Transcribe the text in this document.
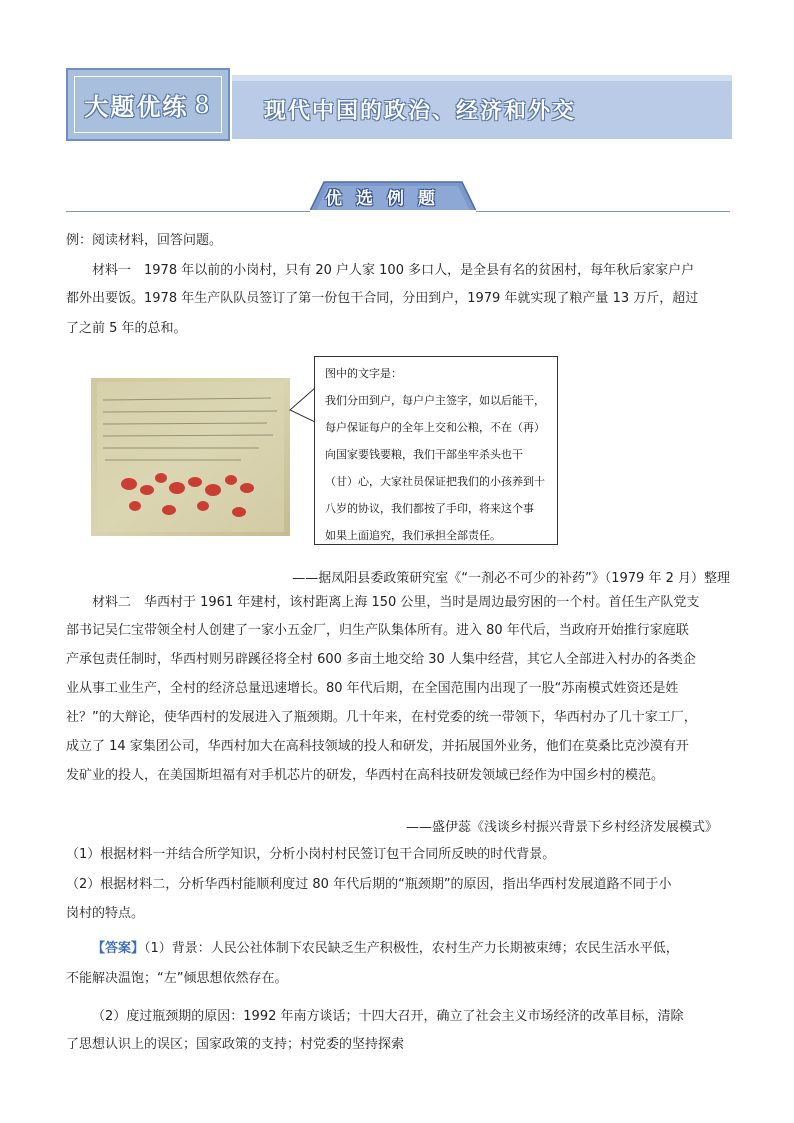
大题优练 8 现代中国的政治、经济和外交
优选例题
例：阅读材料，回答问题。
材料一　1978 年以前的小岗村，只有 20 户人家 100 多口人，是全县有名的贫困村，每年秋后家家户户
都外出要饭。1978 年生产队队员签订了第一份包干合同，分田到户，1979 年就实现了粮产量 13 万斤，超过
了之前 5 年的总和。
图中的文字是：
我们分田到户，每户户主签字，如以后能干，
每户保证每户的全年上交和公粮，不在（再）
向国家要钱要粮，我们干部坐牢杀头也干
（甘）心，大家社员保证把我们的小孩养到十
八岁的协议，我们都按了手印，将来这个事
如果上面追究，我们承担全部责任。
——据凤阳县委政策研究室《“一剂必不可少的补药”》（1979 年 2 月）整理
材料二　华西村于 1961 年建村，该村距离上海 150 公里，当时是周边最穷困的一个村。首任生产队党支
部书记吴仁宝带领全村人创建了一家小五金厂，归生产队集体所有。进入 80 年代后，当政府开始推行家庭联
产承包责任制时，华西村则另辟蹊径将全村 600 多亩土地交给 30 人集中经营，其它人全部进入村办的各类企
业从事工业生产，全村的经济总量迅速增长。80 年代后期，在全国范围内出现了一股“苏南模式姓资还是姓
社？”的大辩论，使华西村的发展进入了瓶颈期。几十年来，在村党委的统一带领下，华西村办了几十家工厂，
成立了 14 家集团公司，华西村加大在高科技领域的投人和研发，并拓展国外业务，他们在莫桑比克沙漠有开
发矿业的投人，在美国斯坦福有对手机芯片的研发，华西村在高科技研发领域已经作为中国乡村的模范。
——盛伊蕊《浅谈乡村振兴背景下乡村经济发展模式》
（1）根据材料一并结合所学知识，分析小岗村村民签订包干合同所反映的时代背景。
（2）根据材料二，分析华西村能顺利度过 80 年代后期的“瓶颈期”的原因，指出华西村发展道路不同于小
岗村的特点。
【答案】（1）背景：人民公社体制下农民缺乏生产积极性，农村生产力长期被束缚；农民生活水平低，
不能解决温饱；“左”倾思想依然存在。
（2）度过瓶颈期的原因：1992 年南方谈话；十四大召开，确立了社会主义市场经济的改革目标，清除
了思想认识上的误区；国家政策的支持；村党委的坚持探索
